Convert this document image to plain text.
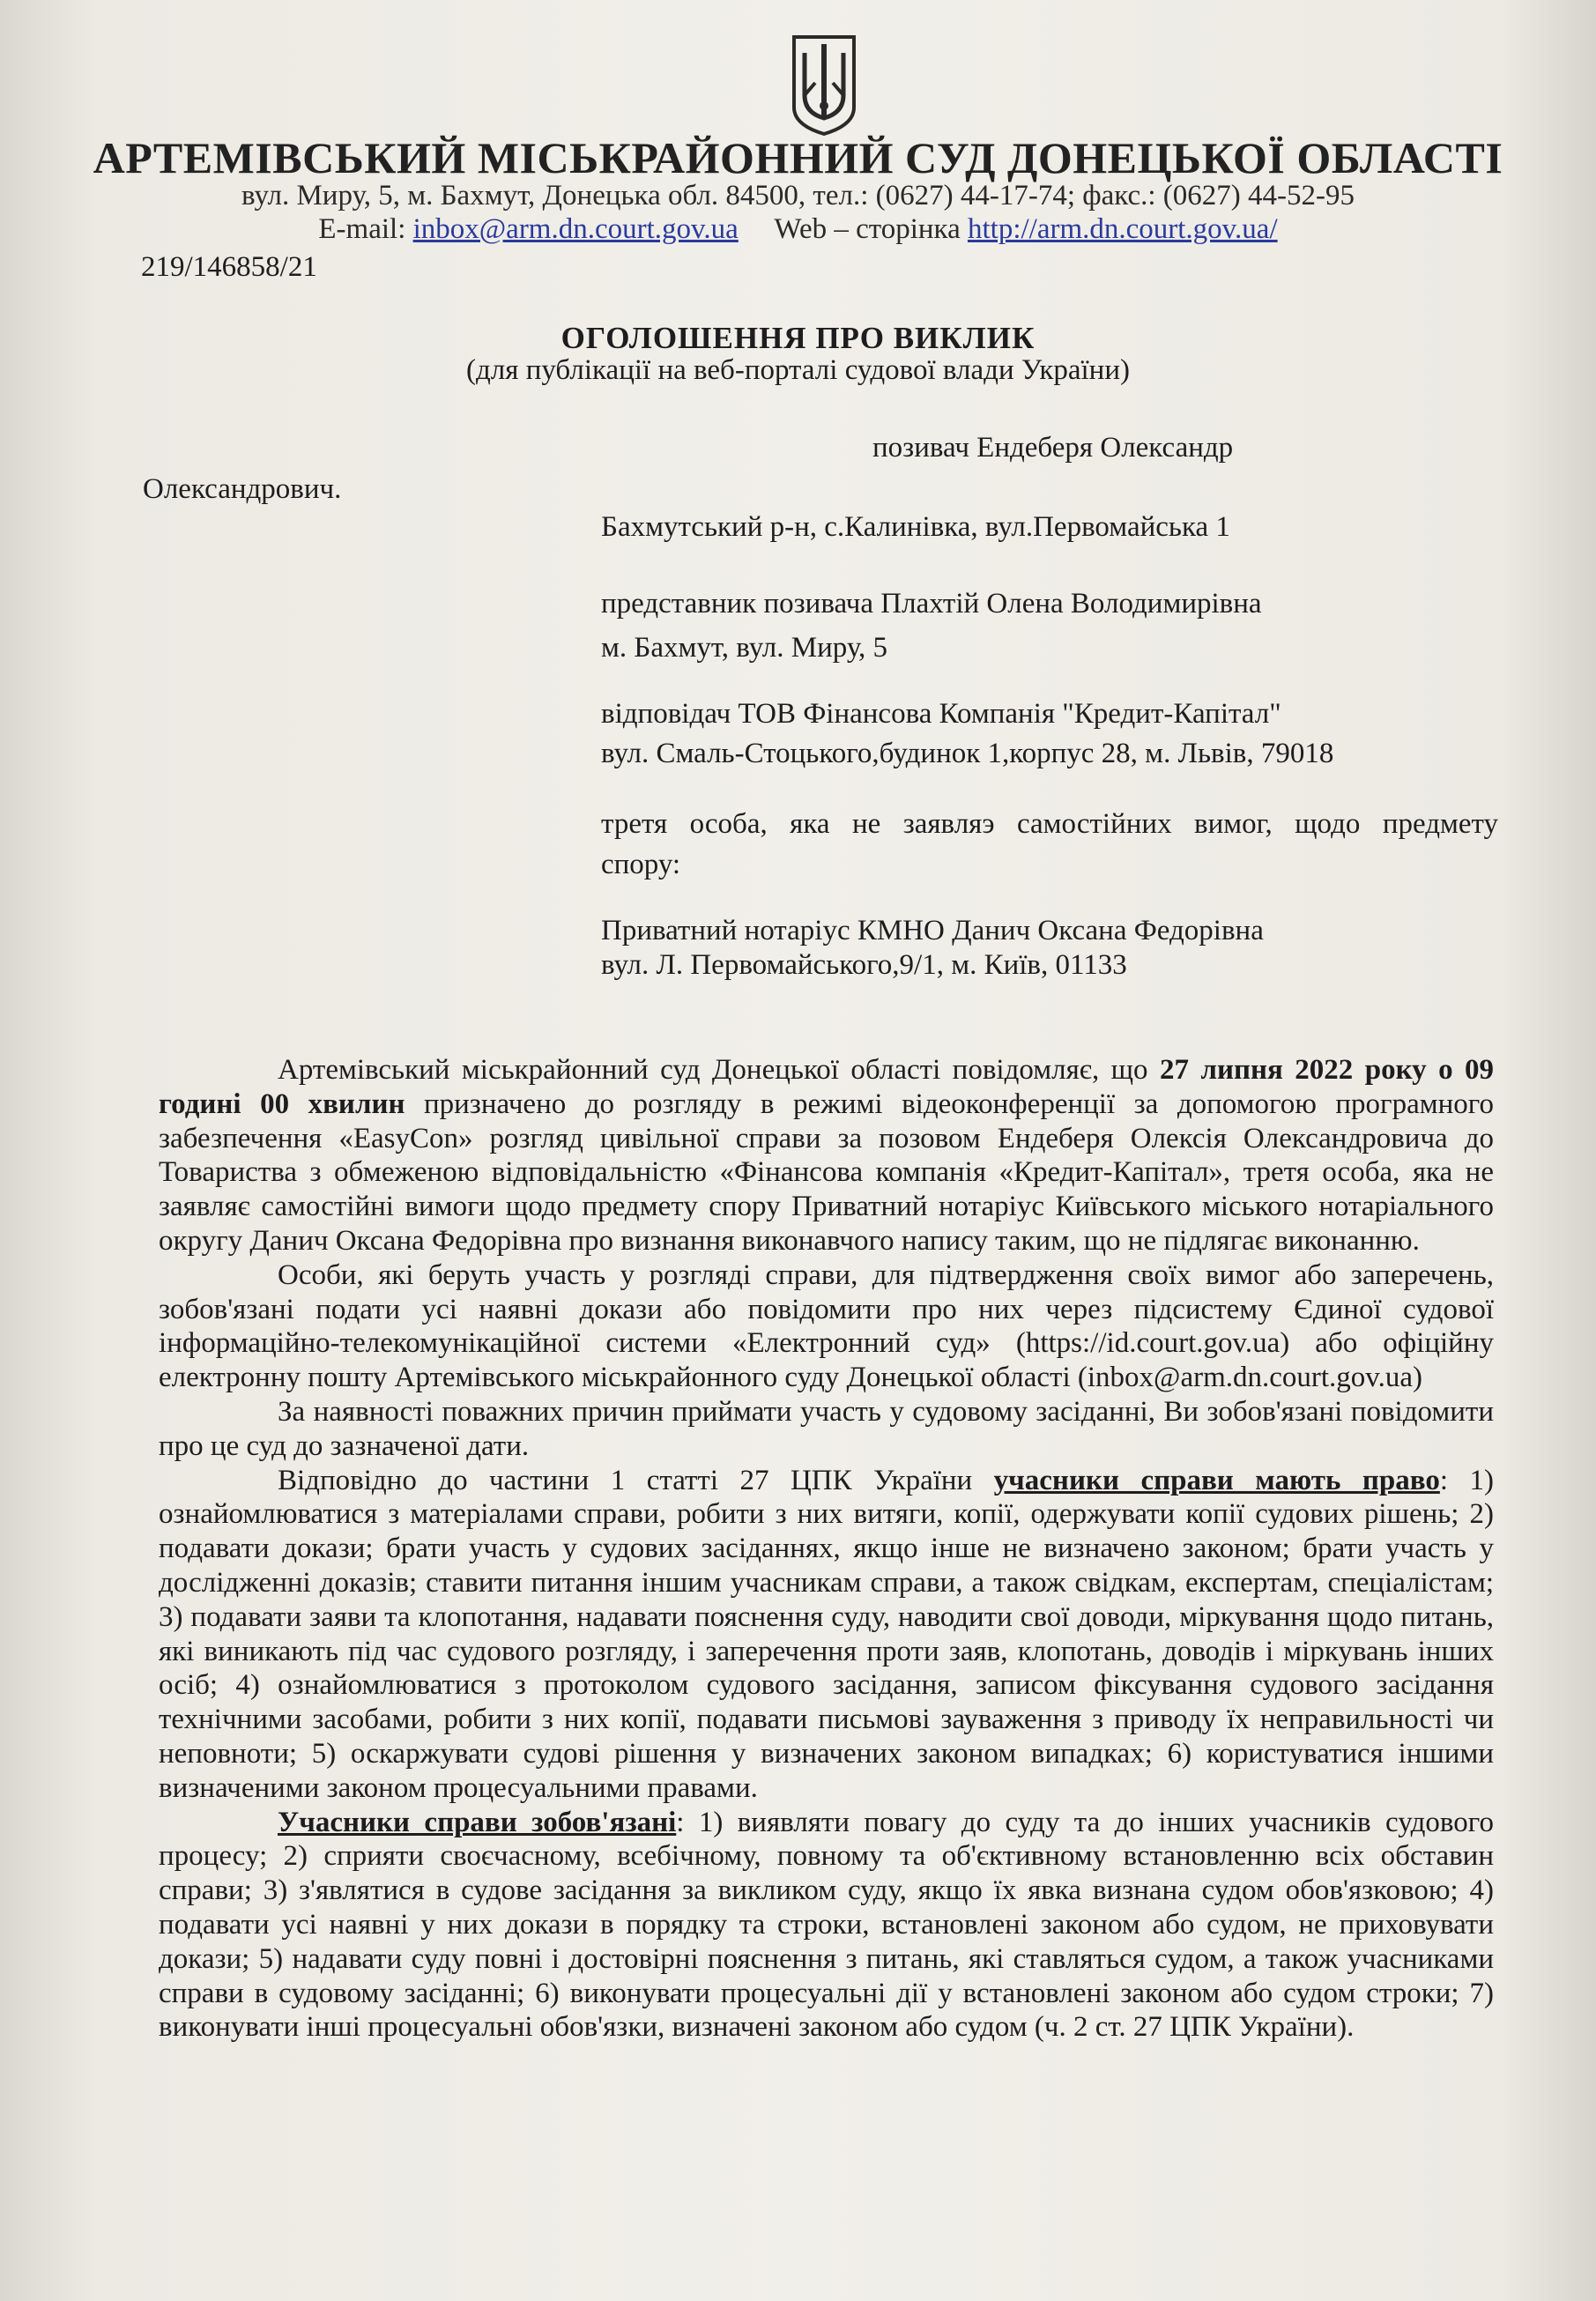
АРТЕМІВСЬКИЙ МІСЬКРАЙОННИЙ СУД ДОНЕЦЬКОЇ ОБЛАСТІ
вул. Миру, 5, м. Бахмут, Донецька обл. 84500, тел.: (0627) 44-17-74; факс.: (0627) 44-52-95
E-mail: inbox@arm.dn.court.gov.ua     Web – сторінка http://arm.dn.court.gov.ua/
219/146858/21
ОГОЛОШЕННЯ ПРО ВИКЛИК
(для публікації на веб-порталі судової влади України)
позивач Ендеберя Олександр
Олександрович.
Бахмутський р-н, с.Калинівка, вул.Первомайська 1
представник позивача Плахтій Олена Володимирівна
м. Бахмут, вул. Миру, 5
відповідач ТОВ Фінансова Компанія "Кредит-Капітал"
вул. Смаль-Стоцького,будинок 1,корпус 28, м. Львів, 79018
третя особа, яка не заявляэ самостійних вимог, щодо предмету
спору:
Приватний нотаріус КМНО Данич Оксана Федорівна
вул. Л. Первомайського,9/1, м. Київ, 01133

Артемівський міськрайонний суд Донецької області повідомляє, що 27 липня 2022 року о 09 годині 00 хвилин призначено до розгляду в режимі відеоконференції за допомогою програмного забезпечення «EasyCon» розгляд цивільної справи за позовом Ендеберя Олексія Олександровича до Товариства з обмеженою відповідальністю «Фінансова компанія «Кредит-Капітал», третя особа, яка не заявляє самостійні вимоги щодо предмету спору Приватний нотаріус Київського міського нотаріального округу Данич Оксана Федорівна про визнання виконавчого напису таким, що не підлягає виконанню.

Особи, які беруть участь у розгляді справи, для підтвердження своїх вимог або заперечень, зобов'язані подати усі наявні докази або повідомити про них через підсистему Єдиної судової інформаційно-телекомунікаційної системи «Електронний суд» (https://id.court.gov.ua) або офіційну електронну пошту Артемівського міськрайонного суду Донецької області (inbox@arm.dn.court.gov.ua)

За наявності поважних причин приймати участь у судовому засіданні, Ви зобов'язані повідомити про це суд до зазначеної дати.

Відповідно до частини 1 статті 27 ЦПК України учасники справи мають право: 1) ознайомлюватися з матеріалами справи, робити з них витяги, копії, одержувати копії судових рішень; 2) подавати докази; брати участь у судових засіданнях, якщо інше не визначено законом; брати участь у дослідженні доказів; ставити питання іншим учасникам справи, а також свідкам, експертам, спеціалістам; 3) подавати заяви та клопотання, надавати пояснення суду, наводити свої доводи, міркування щодо питань, які виникають під час судового розгляду, і заперечення проти заяв, клопотань, доводів і міркувань інших осіб; 4) ознайомлюватися з протоколом судового засідання, записом фіксування судового засідання технічними засобами, робити з них копії, подавати письмові зауваження з приводу їх неправильності чи неповноти; 5) оскаржувати судові рішення у визначених законом випадках; 6) користуватися іншими визначеними законом процесуальними правами.

Учасники справи зобов'язані: 1) виявляти повагу до суду та до інших учасників судового процесу; 2) сприяти своєчасному, всебічному, повному та об'єктивному встановленню всіх обставин справи; 3) з'являтися в судове засідання за викликом суду, якщо їх явка визнана судом обов'язковою; 4) подавати усі наявні у них докази в порядку та строки, встановлені законом або судом, не приховувати докази; 5) надавати суду повні і достовірні пояснення з питань, які ставляться судом, а також учасниками справи в судовому засіданні; 6) виконувати процесуальні дії у встановлені законом або судом строки; 7) виконувати інші процесуальні обов'язки, визначені законом або судом (ч. 2 ст. 27 ЦПК України).
